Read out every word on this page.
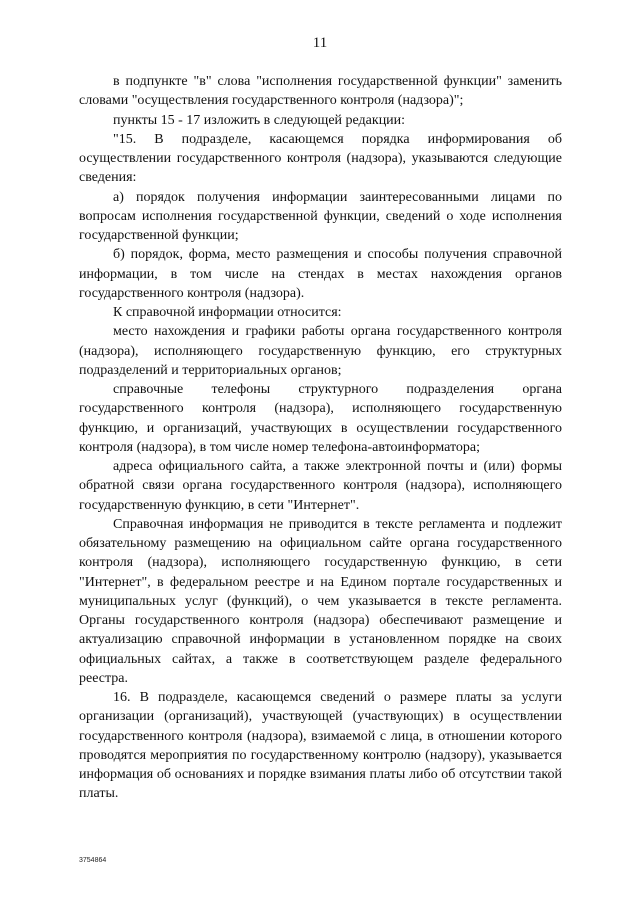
11

в подпункте "в" слова "исполнения государственной функции" заменить словами "осуществления государственного контроля (надзора)";

пункты 15 - 17 изложить в следующей редакции:

"15. В подразделе, касающемся порядка информирования об осуществлении государственного контроля (надзора), указываются следующие сведения:

а) порядок получения информации заинтересованными лицами по вопросам исполнения государственной функции, сведений о ходе исполнения государственной функции;

б) порядок, форма, место размещения и способы получения справочной информации, в том числе на стендах в местах нахождения органов государственного контроля (надзора).

К справочной информации относится:

место нахождения и графики работы органа государственного контроля (надзора), исполняющего государственную функцию, его структурных подразделений и территориальных органов;

справочные телефоны структурного подразделения органа государственного контроля (надзора), исполняющего государственную функцию, и организаций, участвующих в осуществлении государственного контроля (надзора), в том числе номер телефона-автоинформатора;

адреса официального сайта, а также электронной почты и (или) формы обратной связи органа государственного контроля (надзора), исполняющего государственную функцию, в сети "Интернет".

Справочная информация не приводится в тексте регламента и подлежит обязательному размещению на официальном сайте органа государственного контроля (надзора), исполняющего государственную функцию, в сети "Интернет", в федеральном реестре и на Едином портале государственных и муниципальных услуг (функций), о чем указывается в тексте регламента. Органы государственного контроля (надзора) обеспечивают размещение и актуализацию справочной информации в установленном порядке на своих официальных сайтах, а также в соответствующем разделе федерального реестра.

16. В подразделе, касающемся сведений о размере платы за услуги организации (организаций), участвующей (участвующих) в осуществлении государственного контроля (надзора), взимаемой с лица, в отношении которого проводятся мероприятия по государственному контролю (надзору), указывается информация об основаниях и порядке взимания платы либо об отсутствии такой платы.

3754864
